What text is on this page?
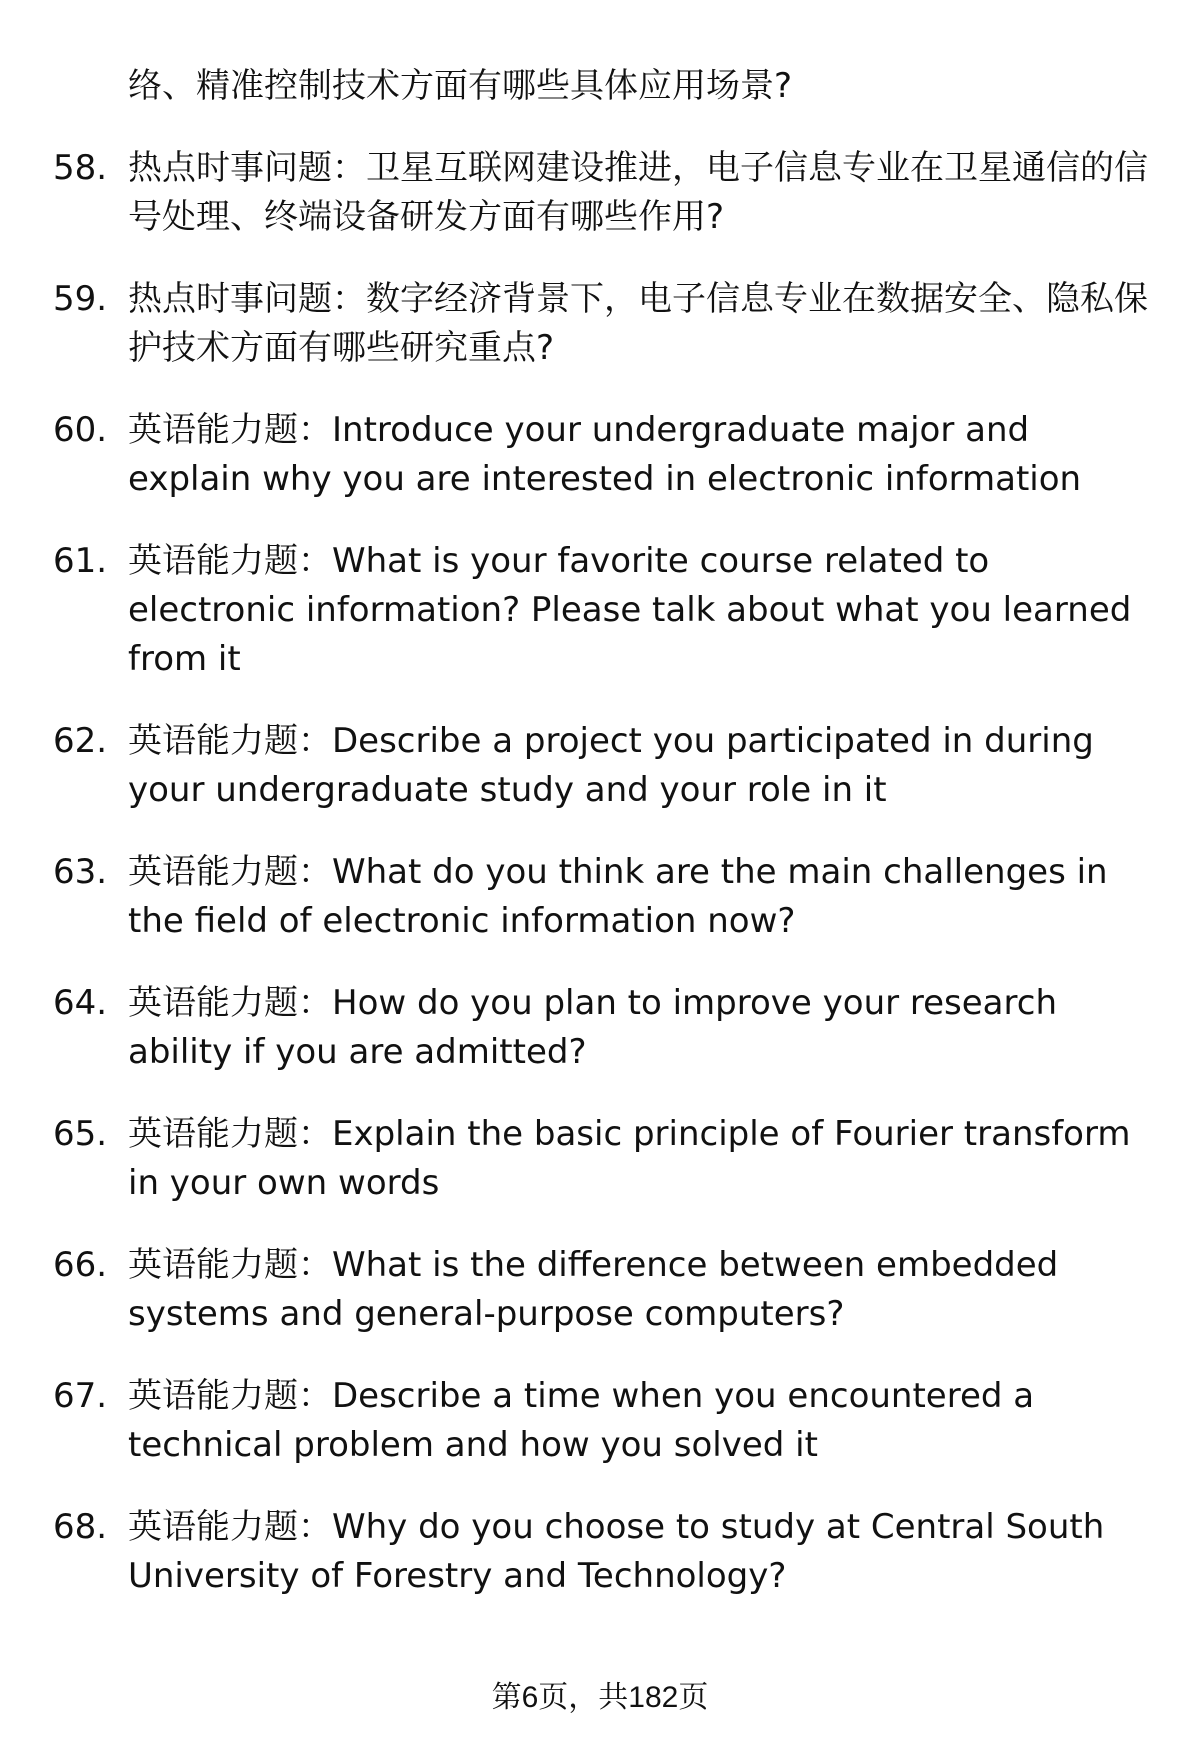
络、精准控制技术方面有哪些具体应用场景?
58. 热点时事问题：卫星互联网建设推进，电子信息专业在卫星通信的信号处理、终端设备研发方面有哪些作用?
59. 热点时事问题：数字经济背景下，电子信息专业在数据安全、隐私保护技术方面有哪些研究重点?
60. 英语能力题：Introduce your undergraduate major and explain why you are interested in electronic information
61. 英语能力题：What is your favorite course related to electronic information? Please talk about what you learned from it
62. 英语能力题：Describe a project you participated in during your undergraduate study and your role in it
63. 英语能力题：What do you think are the main challenges in the field of electronic information now?
64. 英语能力题：How do you plan to improve your research ability if you are admitted?
65. 英语能力题：Explain the basic principle of Fourier transform in your own words
66. 英语能力题：What is the difference between embedded systems and general-purpose computers?
67. 英语能力题：Describe a time when you encountered a technical problem and how you solved it
68. 英语能力题：Why do you choose to study at Central South University of Forestry and Technology?
第6页，共182页
